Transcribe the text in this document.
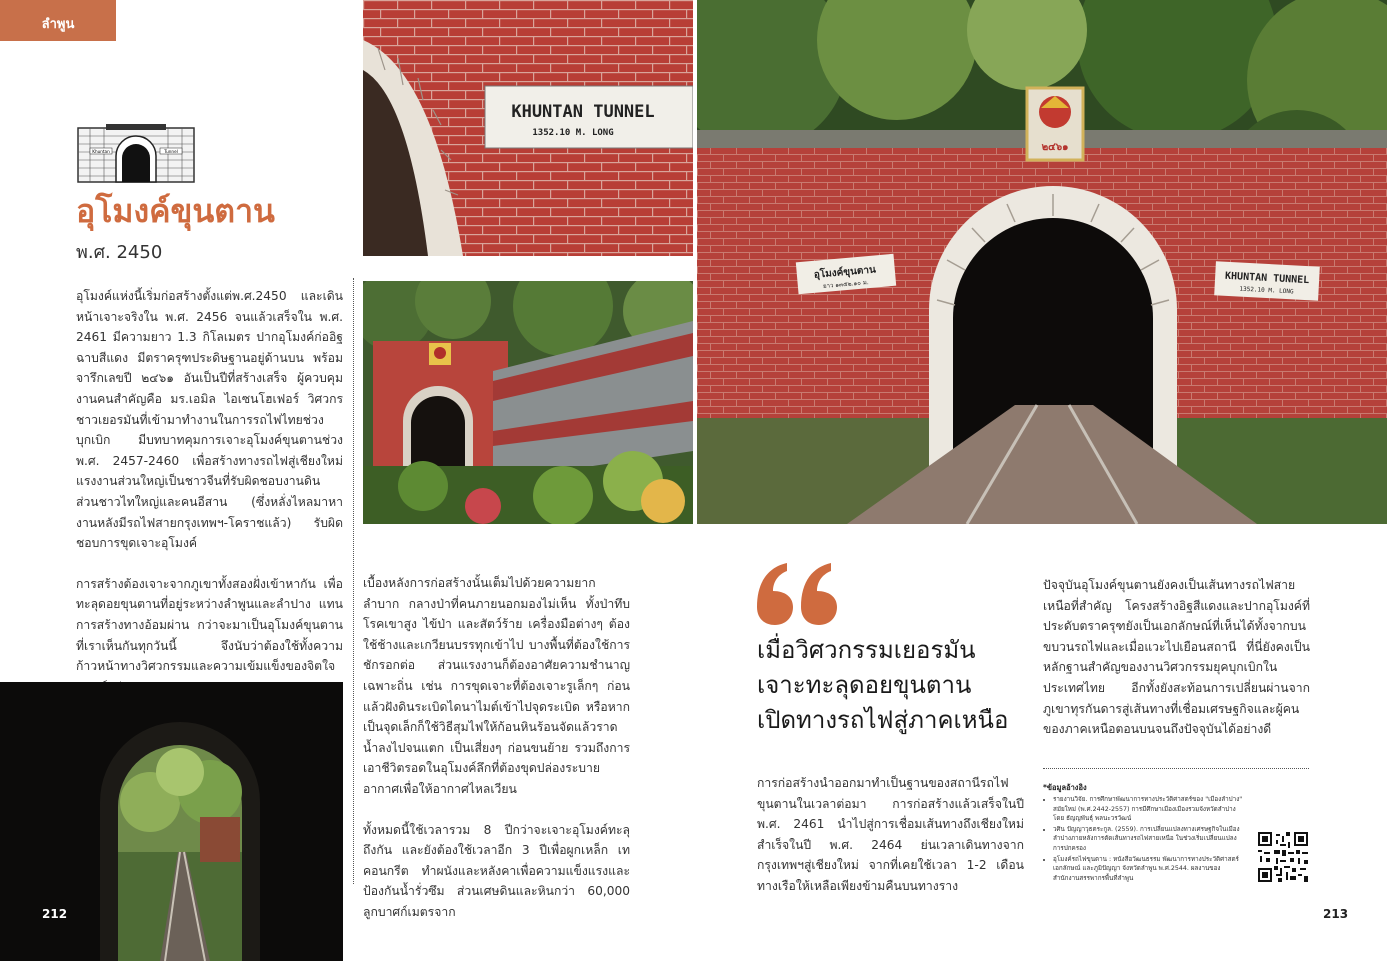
ลำพูน
Khuntan	Tunnel
อุโมงค์ขุนตาน
พ.ศ. 2450

อุโมงค์แห่งนี้เริ่มก่อสร้างตั้งแต่พ.ศ.2450 และเดินหน้าเจาะจริงใน พ.ศ. 2456 จนแล้วเสร็จใน พ.ศ. 2461 มีความยาว 1.3 กิโลเมตร ปากอุโมงค์ก่ออิฐฉาบสีแดง มีตราครุฑประดิษฐานอยู่ด้านบน พร้อมจารึกเลขปี ๒๔๖๑ อันเป็นปีที่สร้างเสร็จ ผู้ควบคุมงานคนสำคัญคือ มร.เอมิล ไอเซนโฮเฟอร์ วิศวกรชาวเยอรมันที่เข้ามาทำงานในการรถไฟไทยช่วงบุกเบิก มีบทบาทคุมการเจาะอุโมงค์ขุนตานช่วง พ.ศ. 2457-2460 เพื่อสร้างทางรถไฟสู่เชียงใหม่ แรงงานส่วนใหญ่เป็นชาวจีนที่รับผิดชอบงานดิน ส่วนชาวไทใหญ่และคนอีสาน (ซึ่งหลั่งไหลมาหางานหลังมีรถไฟสายกรุงเทพฯ-โคราชแล้ว) รับผิดชอบการขุดเจาะอุโมงค์

การสร้างต้องเจาะจากภูเขาทั้งสองฝั่งเข้าหากัน เพื่อทะลุดอยขุนตานที่อยู่ระหว่างลำพูนและลำปาง แทนการสร้างทางอ้อมผ่าน กว่าจะมาเป็นอุโมงค์ขุนตานที่เราเห็นกันทุกวันนี้ จึงนับว่าต้องใช้ทั้งความก้าวหน้าทางวิศวกรรมและความเข้มแข็งของจิตใจ

212	213
KHUNTAN TUNNEL
1352.10 M. LONG
๒๔๖๑
อุโมงค์ขุนตาน
ยาว ๑๓๕๒.๑๐ ม.	KHUNTAN TUNNEL
1352.10 M. LONG

เบื้องหลังการก่อสร้างนั้นเต็มไปด้วยความยากลำบาก กลางป่าที่คนภายนอกมองไม่เห็น ทั้งป่าทึบ โรคเขาสูง ไข้ป่า และสัตว์ร้าย เครื่องมือต่างๆ ต้องใช้ช้างและเกวียนบรรทุกเข้าไป บางพื้นที่ต้องใช้การชักรอกต่อ ส่วนแรงงานก็ต้องอาศัยความชำนาญเฉพาะถิ่น เช่น การขุดเจาะที่ต้องเจาะรูเล็กๆ ก่อน แล้วฝังดินระเบิดไดนาไมต์เข้าไปจุดระเบิด หรือหากเป็นจุดเล็กก็ใช้วิธีสุมไฟให้ก้อนหินร้อนจัดแล้วราดน้ำลงไปจนแตก เป็นเสี่ยงๆ ก่อนขนย้าย รวมถึงการเอาชีวิตรอดในอุโมงค์ลึกที่ต้องขุดปล่องระบายอากาศเพื่อให้อากาศไหลเวียน

ทั้งหมดนี้ใช้เวลารวม 8 ปีกว่าจะเจาะอุโมงค์ทะลุถึงกัน และยังต้องใช้เวลาอีก 3 ปีเพื่อผูกเหล็ก เทคอนกรีต ทำผนังและหลังคาเพื่อความแข็งแรงและป้องกันน้ำรั่วซึม ส่วนเศษดินและหินกว่า 60,000 ลูกบาศก์เมตรจาก

เมื่อวิศวกรรมเยอรมัน
เจาะทะลุดอยขุนตาน
เปิดทางรถไฟสู่ภาคเหนือ

การก่อสร้างนำออกมาทำเป็นฐานของสถานีรถไฟขุนตานในเวลาต่อมา การก่อสร้างแล้วเสร็จในปี พ.ศ. 2461 นำไปสู่การเชื่อมเส้นทางถึงเชียงใหม่สำเร็จในปี พ.ศ. 2464 ย่นเวลาเดินทางจากกรุงเทพฯสู่เชียงใหม่ จากที่เคยใช้เวลา 1-2 เดือนทางเรือให้เหลือเพียงข้ามคืนบนทางราง

ปัจจุบันอุโมงค์ขุนตานยังคงเป็นเส้นทางรถไฟสายเหนือที่สำคัญ โครงสร้างอิฐสีแดงและปากอุโมงค์ที่ประดับตราครุฑยังเป็นเอกลักษณ์ที่เห็นได้ทั้งจากบนขบวนรถไฟและเมื่อแวะไปเยือนสถานี ที่นี่ยังคงเป็นหลักฐานสำคัญของงานวิศวกรรมยุคบุกเบิกในประเทศไทย อีกทั้งยังสะท้อนการเปลี่ยนผ่านจากภูเขาทุรกันดารสู่เส้นทางที่เชื่อมเศรษฐกิจและผู้คนของภาคเหนือตอนบนจนถึงปัจจุบันได้อย่างดี

*ข้อมูลอ้างอิง
• รายงานวิจัย. การศึกษาพัฒนาการทางประวัติศาสตร์ของ "เมืองลำปาง" สมัยใหม่ (พ.ศ.2442-2557) การมีศึกษาเมืองเมืองรวมจังหวัดลำปาง โดย ธัญญพันธุ์ พลนะวรวัฒน์
• วศิน ปัญญาวุธตระกูล. (2559). การเปลี่ยนแปลงทางเศรษฐกิจในเมืองลำปางภายหลังการตัดเส้นทางรถไฟสายเหนือ ในช่วงเริ่มเปลี่ยนแปลงการปกครอง
• อุโมงค์รถไฟขุนตาน : หนังสือวัฒนธรรม พัฒนาการทางประวัติศาสตร์ เอกลักษณ์ และภูมิปัญญา จังหวัดลำพูน พ.ศ.2544. ผลงานของ สำนักงานสรรพากรพื้นที่ลำพูน
